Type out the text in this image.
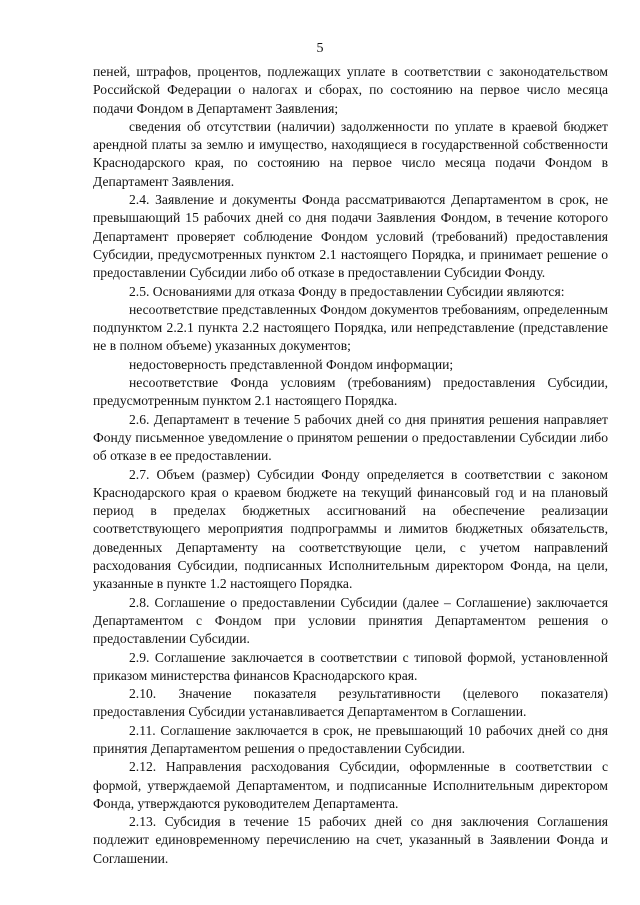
5

пеней, штрафов, процентов, подлежащих уплате в соответствии с законодательством Российской Федерации о налогах и сборах, по состоянию на первое число месяца подачи Фондом в Департамент Заявления;

сведения об отсутствии (наличии) задолженности по уплате в краевой бюджет арендной платы за землю и имущество, находящиеся в государственной собственности Краснодарского края, по состоянию на первое число месяца подачи Фондом в Департамент Заявления.

2.4. Заявление и документы Фонда рассматриваются Департаментом в срок, не превышающий 15 рабочих дней со дня подачи Заявления Фондом, в течение которого Департамент проверяет соблюдение Фондом условий (требований) предоставления Субсидии, предусмотренных пунктом 2.1 настоящего Порядка, и принимает решение о предоставлении Субсидии либо об отказе в предоставлении Субсидии Фонду.

2.5. Основаниями для отказа Фонду в предоставлении Субсидии являются:

несоответствие представленных Фондом документов требованиям, определенным подпунктом 2.2.1 пункта 2.2 настоящего Порядка, или непредставление (представление не в полном объеме) указанных документов;

недостоверность представленной Фондом информации;

несоответствие Фонда условиям (требованиям) предоставления Субсидии, предусмотренным пунктом 2.1 настоящего Порядка.

2.6. Департамент в течение 5 рабочих дней со дня принятия решения направляет Фонду письменное уведомление о принятом решении о предоставлении Субсидии либо об отказе в ее предоставлении.

2.7. Объем (размер) Субсидии Фонду определяется в соответствии с законом Краснодарского края о краевом бюджете на текущий финансовый год и на плановый период в пределах бюджетных ассигнований на обеспечение реализации соответствующего мероприятия подпрограммы и лимитов бюджетных обязательств, доведенных Департаменту на соответствующие цели, с учетом направлений расходования Субсидии, подписанных Исполнительным директором Фонда, на цели, указанные в пункте 1.2 настоящего Порядка.

2.8. Соглашение о предоставлении Субсидии (далее – Соглашение) заключается Департаментом с Фондом при условии принятия Департаментом решения о предоставлении Субсидии.

2.9. Соглашение заключается в соответствии с типовой формой, установленной приказом министерства финансов Краснодарского края.

2.10. Значение показателя результативности (целевого показателя) предоставления Субсидии устанавливается Департаментом в Соглашении.

2.11. Соглашение заключается в срок, не превышающий 10 рабочих дней со дня принятия Департаментом решения о предоставлении Субсидии.

2.12. Направления расходования Субсидии, оформленные в соответствии с формой, утверждаемой Департаментом, и подписанные Исполнительным директором Фонда, утверждаются руководителем Департамента.

2.13. Субсидия в течение 15 рабочих дней со дня заключения Соглашения подлежит единовременному перечислению на счет, указанный в Заявлении Фонда и Соглашении.
